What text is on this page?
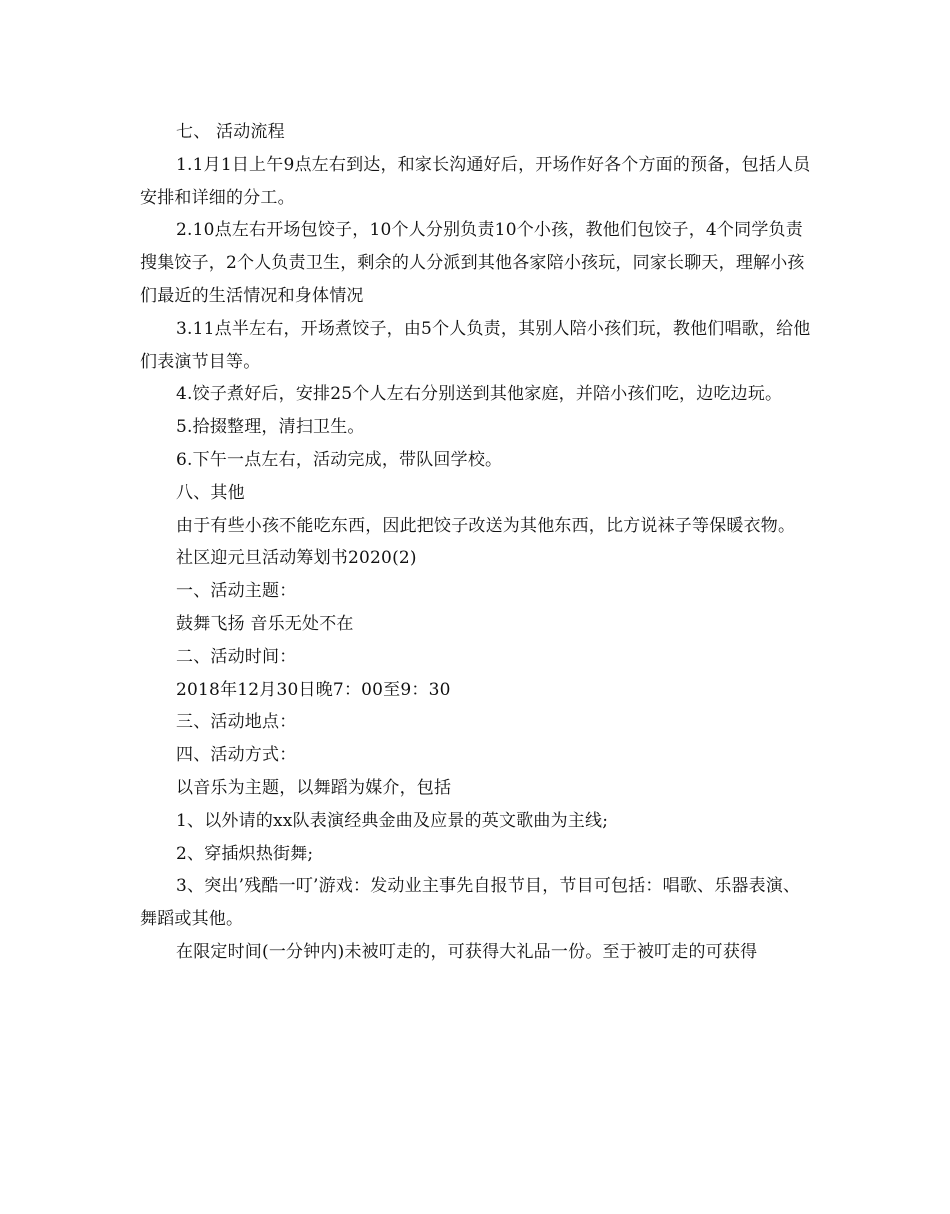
七、 活动流程

1.1月1日上午9点左右到达，和家长沟通好后，开场作好各个方面的预备，包括人员安排和详细的分工。

2.10点左右开场包饺子，10个人分别负责10个小孩，教他们包饺子，4个同学负责搜集饺子，2个人负责卫生，剩余的人分派到其他各家陪小孩玩，同家长聊天，理解小孩们最近的生活情况和身体情况

3.11点半左右，开场煮饺子，由5个人负责，其别人陪小孩们玩，教他们唱歌，给他们表演节目等。

4.饺子煮好后，安排25个人左右分别送到其他家庭，并陪小孩们吃，边吃边玩。

5.拾掇整理，清扫卫生。

6.下午一点左右，活动完成，带队回学校。

八、其他

由于有些小孩不能吃东西，因此把饺子改送为其他东西，比方说袜子等保暖衣物。

社区迎元旦活动筹划书2020(2)

一、活动主题：

鼓舞飞扬 音乐无处不在

二、活动时间：

2018年12月30日晚7：00至9：30

三、活动地点：

四、活动方式：

以音乐为主题，以舞蹈为媒介，包括

1、以外请的xx队表演经典金曲及应景的英文歌曲为主线;

2、穿插炽热街舞;

3、突出’残酷一叮’游戏：发动业主事先自报节目，节目可包括：唱歌、乐器表演、舞蹈或其他。

在限定时间(一分钟内)未被叮走的，可获得大礼品一份。至于被叮走的可获得
